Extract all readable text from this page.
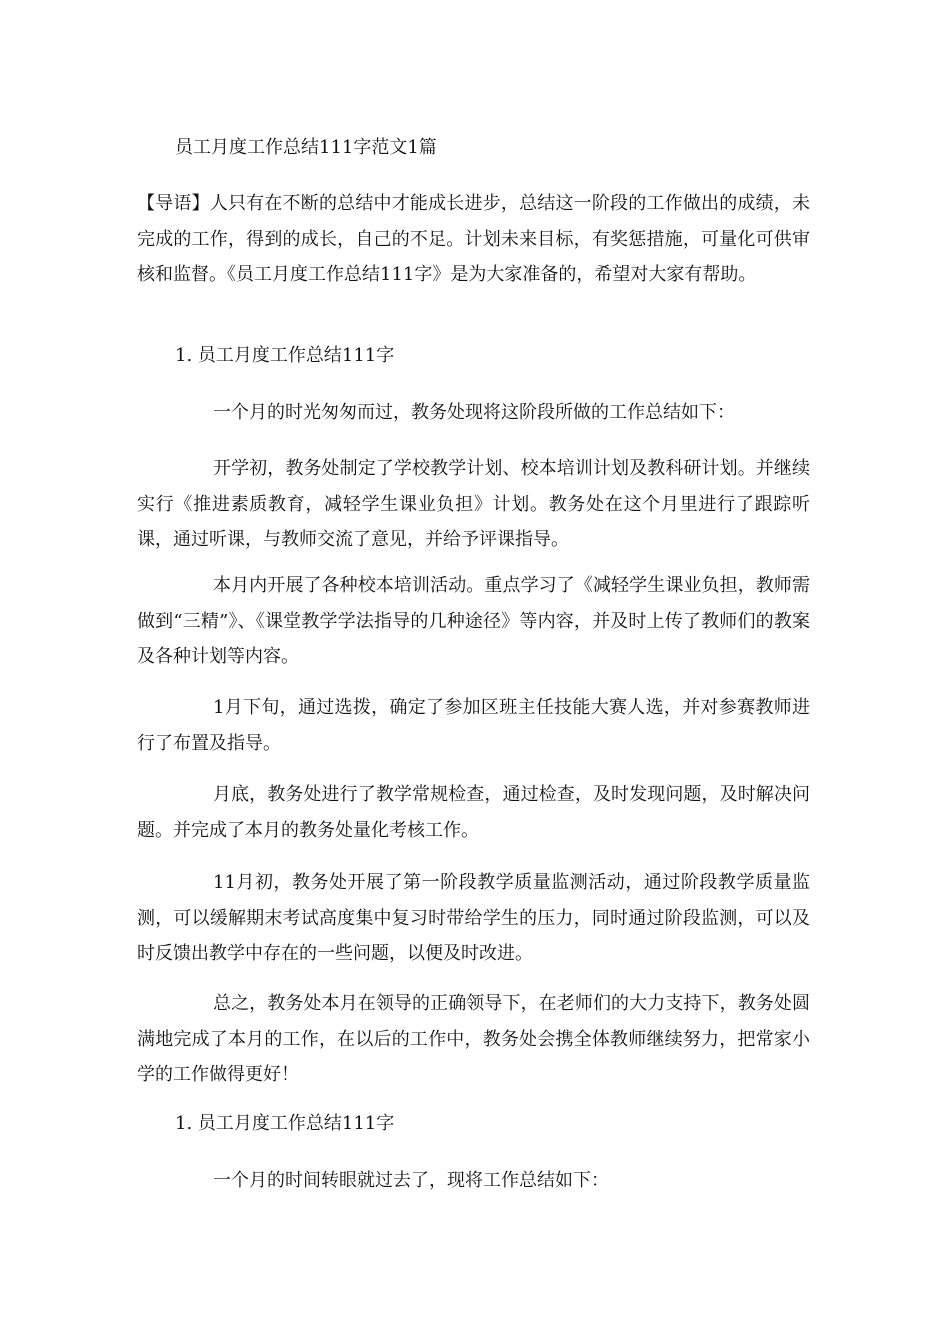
员工月度工作总结111字范文1篇

【导语】人只有在不断的总结中才能成长进步，总结这一阶段的工作做出的成绩，未完成的工作，得到的成长，自己的不足。计划未来目标，有奖惩措施，可量化可供审核和监督。《员工月度工作总结111字》是为大家准备的，希望对大家有帮助。

1. 员工月度工作总结111字

一个月的时光匆匆而过，教务处现将这阶段所做的工作总结如下：

开学初，教务处制定了学校教学计划、校本培训计划及教科研计划。并继续实行《推进素质教育，减轻学生课业负担》计划。教务处在这个月里进行了跟踪听课，通过听课，与教师交流了意见，并给予评课指导。

本月内开展了各种校本培训活动。重点学习了《减轻学生课业负担，教师需做到“三精”》、《课堂教学学法指导的几种途径》等内容，并及时上传了教师们的教案及各种计划等内容。

1月下旬，通过选拨，确定了参加区班主任技能大赛人选，并对参赛教师进行了布置及指导。

月底，教务处进行了教学常规检查，通过检查，及时发现问题，及时解决问题。并完成了本月的教务处量化考核工作。

11月初，教务处开展了第一阶段教学质量监测活动，通过阶段教学质量监测，可以缓解期末考试高度集中复习时带给学生的压力，同时通过阶段监测，可以及时反馈出教学中存在的一些问题，以便及时改进。

总之，教务处本月在领导的正确领导下，在老师们的大力支持下，教务处圆满地完成了本月的工作，在以后的工作中，教务处会携全体教师继续努力，把常家小学的工作做得更好！

1. 员工月度工作总结111字

一个月的时间转眼就过去了，现将工作总结如下：
